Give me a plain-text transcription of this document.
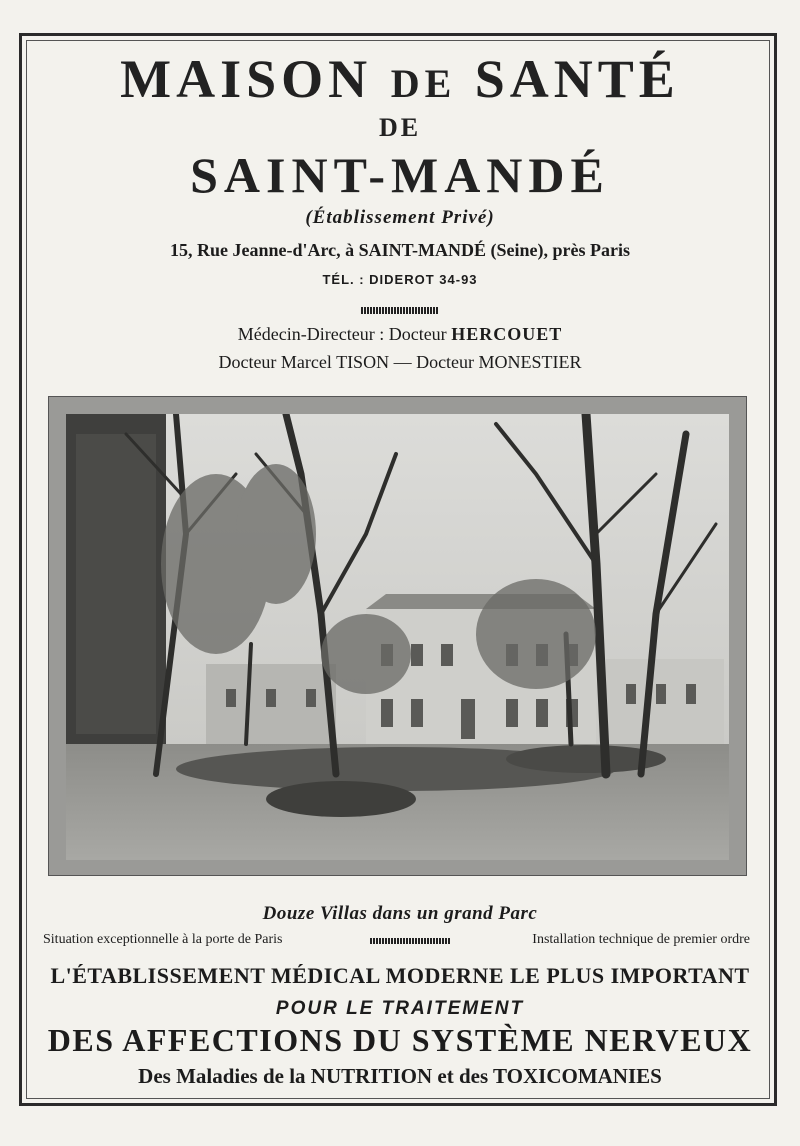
MAISON DE SANTÉ
DE
SAINT-MANDÉ
(Établissement Privé)
15, Rue Jeanne-d'Arc, à SAINT-MANDÉ (Seine), près Paris
TÉL. : DIDEROT 34-93
Médecin-Directeur : Docteur HERCOUET
Docteur Marcel TISON — Docteur MONESTIER
Douze Villas dans un grand Parc
Situation exceptionnelle à la porte de Paris	Installation technique de premier ordre
L'ÉTABLISSEMENT MÉDICAL MODERNE LE PLUS IMPORTANT
POUR LE TRAITEMENT
DES AFFECTIONS DU SYSTÈME NERVEUX
Des Maladies de la NUTRITION et des TOXICOMANIES
